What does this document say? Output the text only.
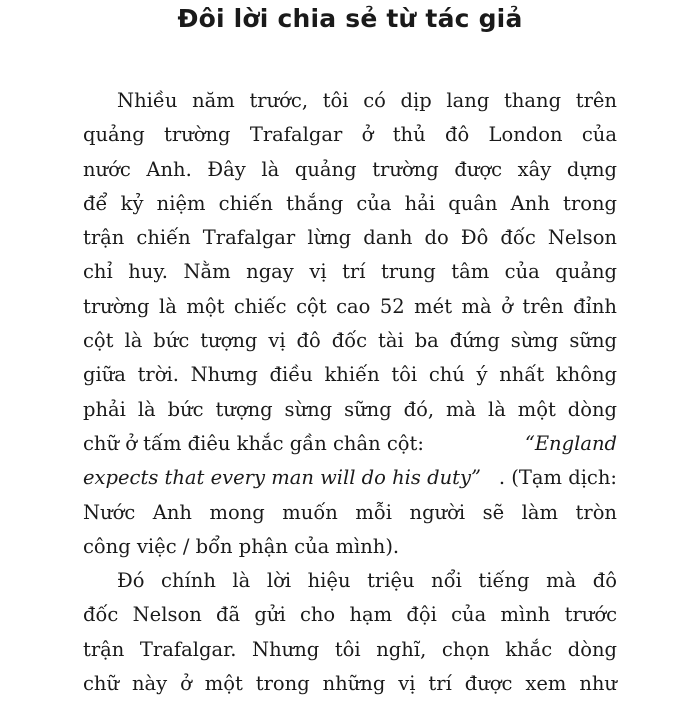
Đôi lời chia sẻ từ tác giả
Nhiều năm trước, tôi có dịp lang thang trên
quảng trường Trafalgar ở thủ đô London của
nước Anh. Đây là quảng trường được xây dựng
để kỷ niệm chiến thắng của hải quân Anh trong
trận chiến Trafalgar lừng danh do Đô đốc Nelson
chỉ huy. Nằm ngay vị trí trung tâm của quảng
trường là một chiếc cột cao 52 mét mà ở trên đỉnh
cột là bức tượng vị đô đốc tài ba đứng sừng sững
giữa trời. Nhưng điều khiến tôi chú ý nhất không
phải là bức tượng sừng sững đó, mà là một dòng
chữ ở tấm điêu khắc gần chân cột:	“England
expects that every man will do his duty” . (Tạm dịch:
Nước Anh mong muốn mỗi người sẽ làm tròn
công việc / bổn phận của mình).
Đó chính là lời hiệu triệu nổi tiếng mà đô
đốc Nelson đã gửi cho hạm đội của mình trước
trận Trafalgar. Nhưng tôi nghĩ, chọn khắc dòng
chữ này ở một trong những vị trí được xem như
